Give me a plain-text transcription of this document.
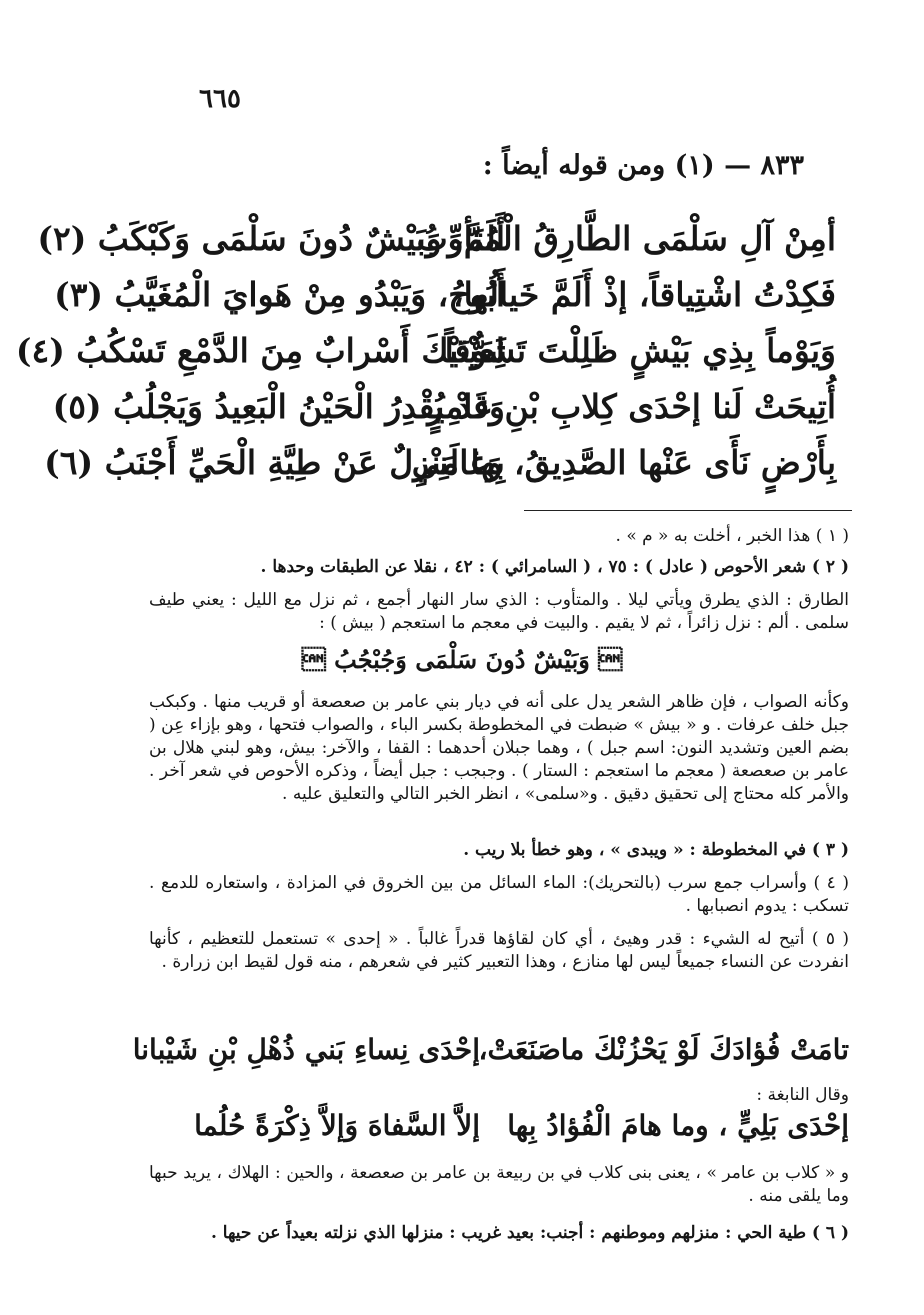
٦٦٥
٨٣٣ — (١) ومن قوله أيضاً :
أمِنْ آلِ سَلْمَى الطَّارِقُ الْمُتَأوِّبُ
أَلَمَّ، وَبَيْشٌ دُونَ سَلْمَى وَكَبْكَبُ (٢)
فَكِدْتُ اشْتِياقاً، إذْ أَلَمَّ خَيالُها،
أَبُوحُ، وَيَبْدُو مِنْ هَوايَ الْمُغَيَّبُ (٣)
وَيَوْماً بِذِي بَيْشٍ ظَلِلْتَ تَشَوُّقاً
لِعَيْنَيْكَ أَسْرابٌ مِنَ الدَّمْعِ تَسْكُبُ (٤)
أُتِيحَتْ لَنا إحْدَى كِلابِ بْنِ عامِرٍ
وَقَدْ يُقْدِرُ الْحَيْنُ الْبَعِيدُ وَيَجْلُبُ (٥)
بِأَرْضٍ نَأَى عَنْها الصَّدِيقُ، وَغالَنِي
بِها مَنْزِلٌ عَنْ طِيَّةِ الْحَيِّ أَجْنَبُ (٦)
( ١ ) هذا الخبر ، أخلت به « م » .
( ٢ ) شعر الأحوص ( عادل ) : ٧٥ ، ( السامرائي ) : ٤٢ ، نقلا عن الطبقات وحدها .
الطارق : الذي يطرق ويأتي ليلا . والمتأوب : الذي سار النهار أجمع ، ثم نزل مع الليل : يعني طيف سلمى . ألم : نزل زائراً ، ثم لا يقيم . والبيت في معجم ما استعجم ( بيش ) :
 وَبَيْشٌ دُونَ سَلْمَى وَجُبْجُبُ 
وكأنه الصواب ، فإن ظاهر الشعر يدل على أنه في ديار بني عامر بن صعصعة أو قريب منها . وكبكب جبل خلف عرفات . و « بيش » ضبطت في المخطوطة بكسر الباء ، والصواب فتحها ، وهو بإزاء عِن ( بضم العين وتشديد النون: اسم جبل ) ، وهما جبلان أحدهما : القفا ، والآخر: بيش، وهو لبني هلال بن عامر بن صعصعة ( معجم ما استعجم : الستار ) . وجبجب : جبل أيضاً ، وذكره الأحوص في شعر آخر . والأمر كله محتاج إلى تحقيق دقيق . و«سلمى» ، انظر الخبر التالي والتعليق عليه .
( ٣ ) في المخطوطة : « ويبدى » ، وهو خطأ بلا ريب .
( ٤ ) وأسراب جمع سرب (بالتحريك): الماء السائل من بين الخروق في المزادة ، واستعاره للدمع . تسكب : يدوم انصبابها .
( ٥ ) أتيح له الشيء : قدر وهيئ ، أي كان لقاؤها قدراً غالباً . « إحدى » تستعمل للتعظيم ، كأنها انفردت عن النساء جميعاً ليس لها منازع ، وهذا التعبير كثير في شعرهم ، منه قول لقيط ابن زرارة .
تامَتْ فُؤادَكَ لَوْ يَحْزُنْكَ ماصَنَعَتْ،
إحْدَى نِساءِ بَني ذُهْلِ بْنِ شَيْبانا
وقال النابغة :
إحْدَى بَلِيٍّ ، وما هامَ الْفُؤادُ بِها
إلاَّ السَّفاهَ وَإلاَّ ذِكْرَةً حُلُما
و « كلاب بن عامر » ، يعنى بنى كلاب في بن ربيعة بن عامر بن صعصعة ، والحين : الهلاك ، يريد حبها وما يلقى منه .
( ٦ ) طية الحي : منزلهم وموطنهم : أجنب: بعيد غريب : منزلها الذي نزلته بعيداً عن حيها .
